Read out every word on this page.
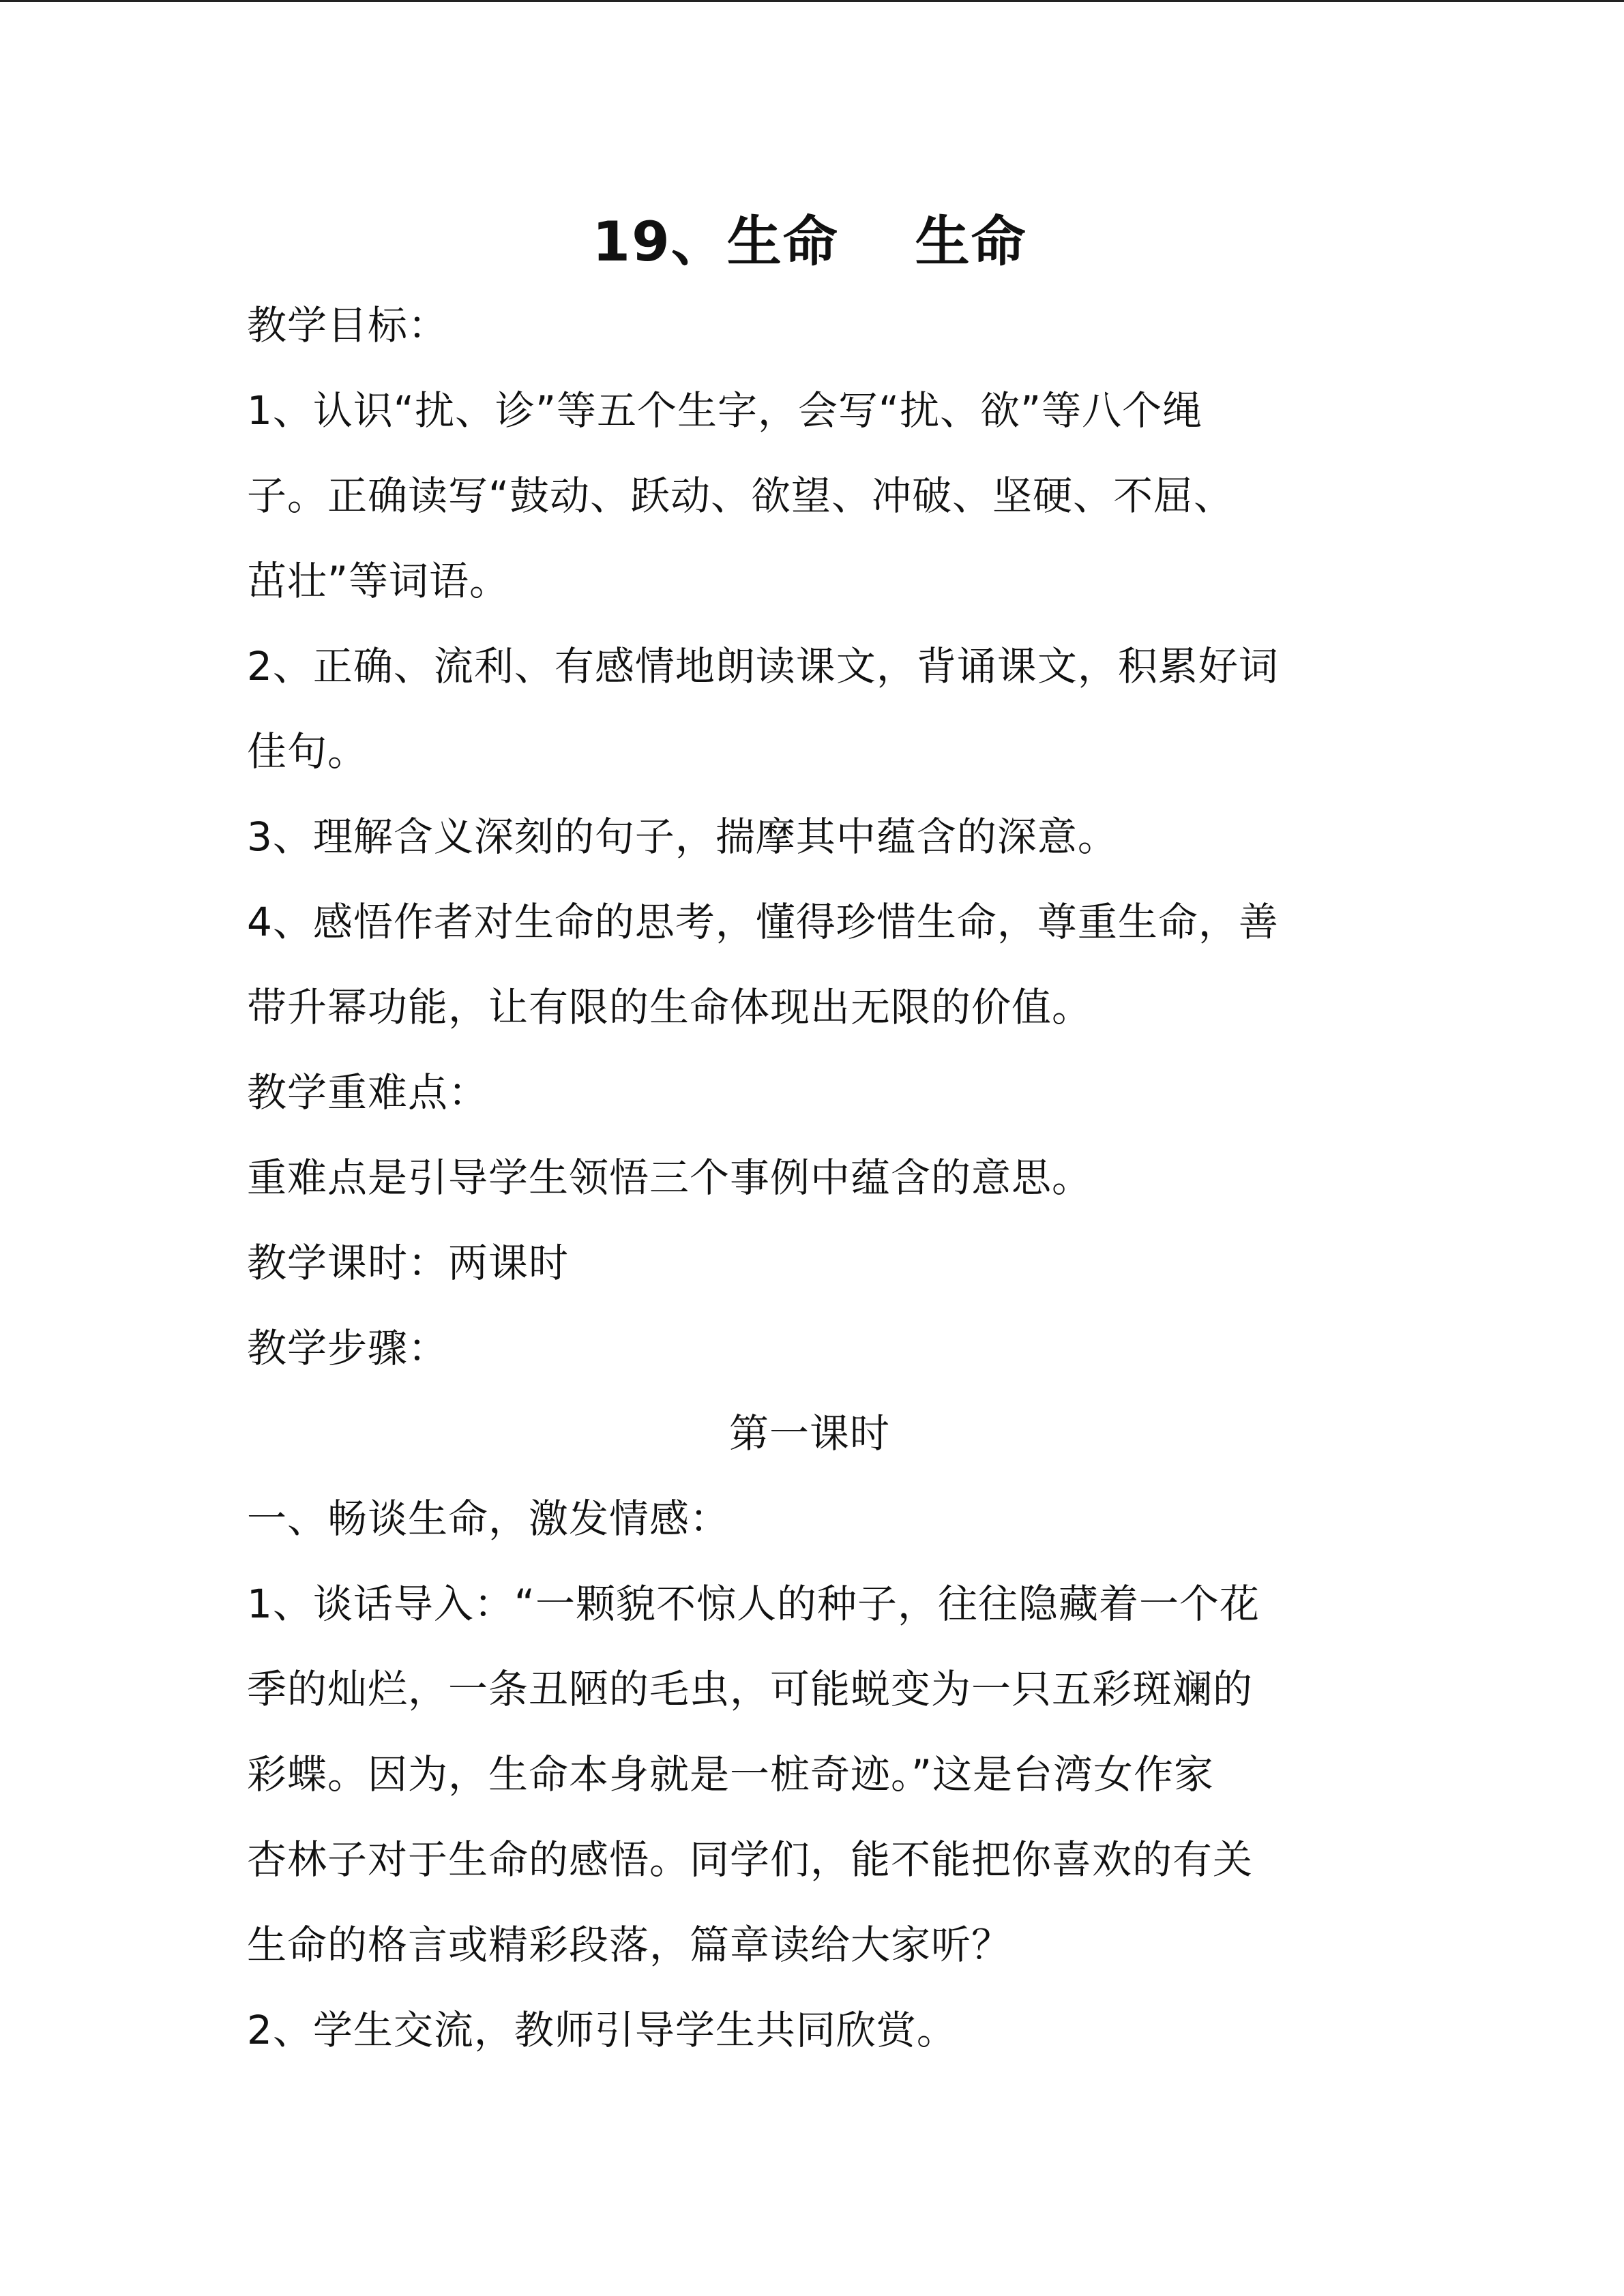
19、生命　 生命
教学目标：
1、认识“扰、诊”等五个生字，会写“扰、欲”等八个绳
子。正确读写“鼓动、跃动、欲望、冲破、坚硬、不屈、
茁壮”等词语。
2、正确、流利、有感情地朗读课文，背诵课文，积累好词
佳句。
3、理解含义深刻的句子，揣摩其中蕴含的深意。
4、感悟作者对生命的思考，懂得珍惜生命，尊重生命，善
带升幂功能，让有限的生命体现出无限的价值。
教学重难点：
重难点是引导学生领悟三个事例中蕴含的意思。
教学课时：两课时
教学步骤：
第一课时
一、畅谈生命，激发情感：
1、谈话导入：“一颗貌不惊人的种子，往往隐藏着一个花
季的灿烂，一条丑陋的毛虫，可能蜕变为一只五彩斑斓的
彩蝶。因为，生命本身就是一桩奇迹。”这是台湾女作家
杏林子对于生命的感悟。同学们，能不能把你喜欢的有关
生命的格言或精彩段落，篇章读给大家听？
2、学生交流，教师引导学生共同欣赏。
